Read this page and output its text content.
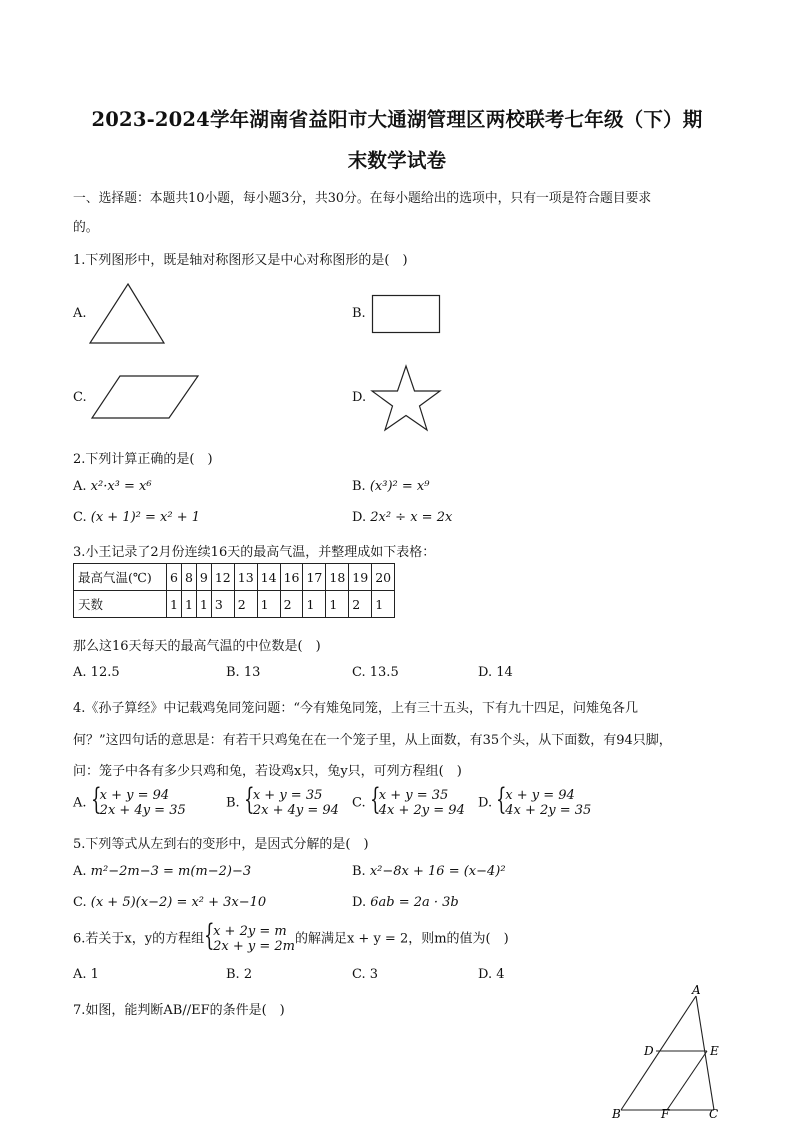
2023-2024学年湖南省益阳市大通湖管理区两校联考七年级（下）期
末数学试卷
一、选择题：本题共10小题，每小题3分，共30分。在每小题给出的选项中，只有一项是符合题目要求
的。
1.下列图形中，既是轴对称图形又是中心对称图形的是(　)
A.	B.
C.	D.
2.下列计算正确的是(　)
A. x²·x³ = x⁶	B. (x³)² = x⁹
C. (x + 1)² = x² + 1	D. 2x² ÷ x = 2x
3.小王记录了2月份连续16天的最高气温，并整理成如下表格：
最高气温(℃)	6	8	9	12	13	14	16	17	18	19	20
天数	1	1	1	3	2	1	2	1	1	2	1
那么这16天每天的最高气温的中位数是(　)
A. 12.5	B. 13	C. 13.5	D. 14
4.《孙子算经》中记载鸡兔同笼问题：“今有雉兔同笼，上有三十五头，下有九十四足，问雉兔各几
何？”这四句话的意思是：有若干只鸡兔在在一个笼子里，从上面数，有35个头，从下面数，有94只脚，
问：笼子中各有多少只鸡和兔，若设鸡x只，兔y只，可列方程组(　)
A. {
x + y = 94
2x + 4y = 35	B. {
x + y = 35
2x + 4y = 94 C. {
x + y = 35
4x + 2y = 94 D. {
x + y = 94
4x + 2y = 35
5.下列等式从左到右的变形中，是因式分解的是(　)
A. m²−2m−3 = m(m−2)−3	B. x²−8x + 16 = (x−4)²
C. (x + 5)(x−2) = x² + 3x−10	D. 6ab = 2a · 3b
6.若关于x，y的方程组 {
x + 2y = m
2x + y = 2m 的解满足x + y = 2，则m的值为(　)
A. 1	B. 2	C. 3	D. 4
7.如图，能判断AB//EF的条件是(　)
A
B	C
D	E
F
